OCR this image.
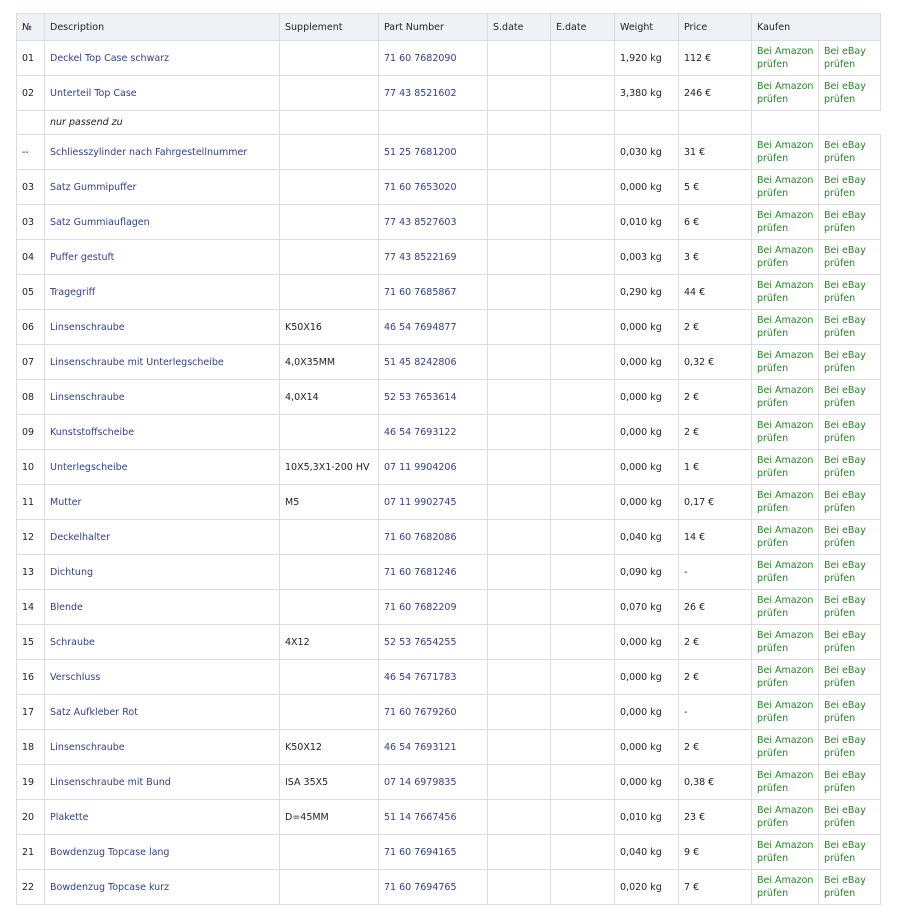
№	Description	Supplement	Part Number	S.date	E.date	Weight	Price	Kaufen	
01	Deckel Top Case schwarz		71 60 7682090			1,920 kg	112 €	Bei Amazon prüfen	Bei eBay prüfen
02	Unterteil Top Case		77 43 8521602			3,380 kg	246 €	Bei Amazon prüfen	Bei eBay prüfen
	nur passend zu								
--	Schliesszylinder nach Fahrgestellnummer		51 25 7681200			0,030 kg	31 €	Bei Amazon prüfen	Bei eBay prüfen
03	Satz Gummipuffer		71 60 7653020			0,000 kg	5 €	Bei Amazon prüfen	Bei eBay prüfen
03	Satz Gummiauflagen		77 43 8527603			0,010 kg	6 €	Bei Amazon prüfen	Bei eBay prüfen
04	Puffer gestuft		77 43 8522169			0,003 kg	3 €	Bei Amazon prüfen	Bei eBay prüfen
05	Tragegriff		71 60 7685867			0,290 kg	44 €	Bei Amazon prüfen	Bei eBay prüfen
06	Linsenschraube	K50X16	46 54 7694877			0,000 kg	2 €	Bei Amazon prüfen	Bei eBay prüfen
07	Linsenschraube mit Unterlegscheibe	4,0X35MM	51 45 8242806			0,000 kg	0,32 €	Bei Amazon prüfen	Bei eBay prüfen
08	Linsenschraube	4,0X14	52 53 7653614			0,000 kg	2 €	Bei Amazon prüfen	Bei eBay prüfen
09	Kunststoffscheibe		46 54 7693122			0,000 kg	2 €	Bei Amazon prüfen	Bei eBay prüfen
10	Unterlegscheibe	10X5,3X1-200 HV	07 11 9904206			0,000 kg	1 €	Bei Amazon prüfen	Bei eBay prüfen
11	Mutter	M5	07 11 9902745			0,000 kg	0,17 €	Bei Amazon prüfen	Bei eBay prüfen
12	Deckelhalter		71 60 7682086			0,040 kg	14 €	Bei Amazon prüfen	Bei eBay prüfen
13	Dichtung		71 60 7681246			0,090 kg	-	Bei Amazon prüfen	Bei eBay prüfen
14	Blende		71 60 7682209			0,070 kg	26 €	Bei Amazon prüfen	Bei eBay prüfen
15	Schraube	4X12	52 53 7654255			0,000 kg	2 €	Bei Amazon prüfen	Bei eBay prüfen
16	Verschluss		46 54 7671783			0,000 kg	2 €	Bei Amazon prüfen	Bei eBay prüfen
17	Satz Aufkleber Rot		71 60 7679260			0,000 kg	-	Bei Amazon prüfen	Bei eBay prüfen
18	Linsenschraube	K50X12	46 54 7693121			0,000 kg	2 €	Bei Amazon prüfen	Bei eBay prüfen
19	Linsenschraube mit Bund	ISA 35X5	07 14 6979835			0,000 kg	0,38 €	Bei Amazon prüfen	Bei eBay prüfen
20	Plakette	D=45MM	51 14 7667456			0,010 kg	23 €	Bei Amazon prüfen	Bei eBay prüfen
21	Bowdenzug Topcase lang		71 60 7694165			0,040 kg	9 €	Bei Amazon prüfen	Bei eBay prüfen
22	Bowdenzug Topcase kurz		71 60 7694765			0,020 kg	7 €	Bei Amazon prüfen	Bei eBay prüfen
